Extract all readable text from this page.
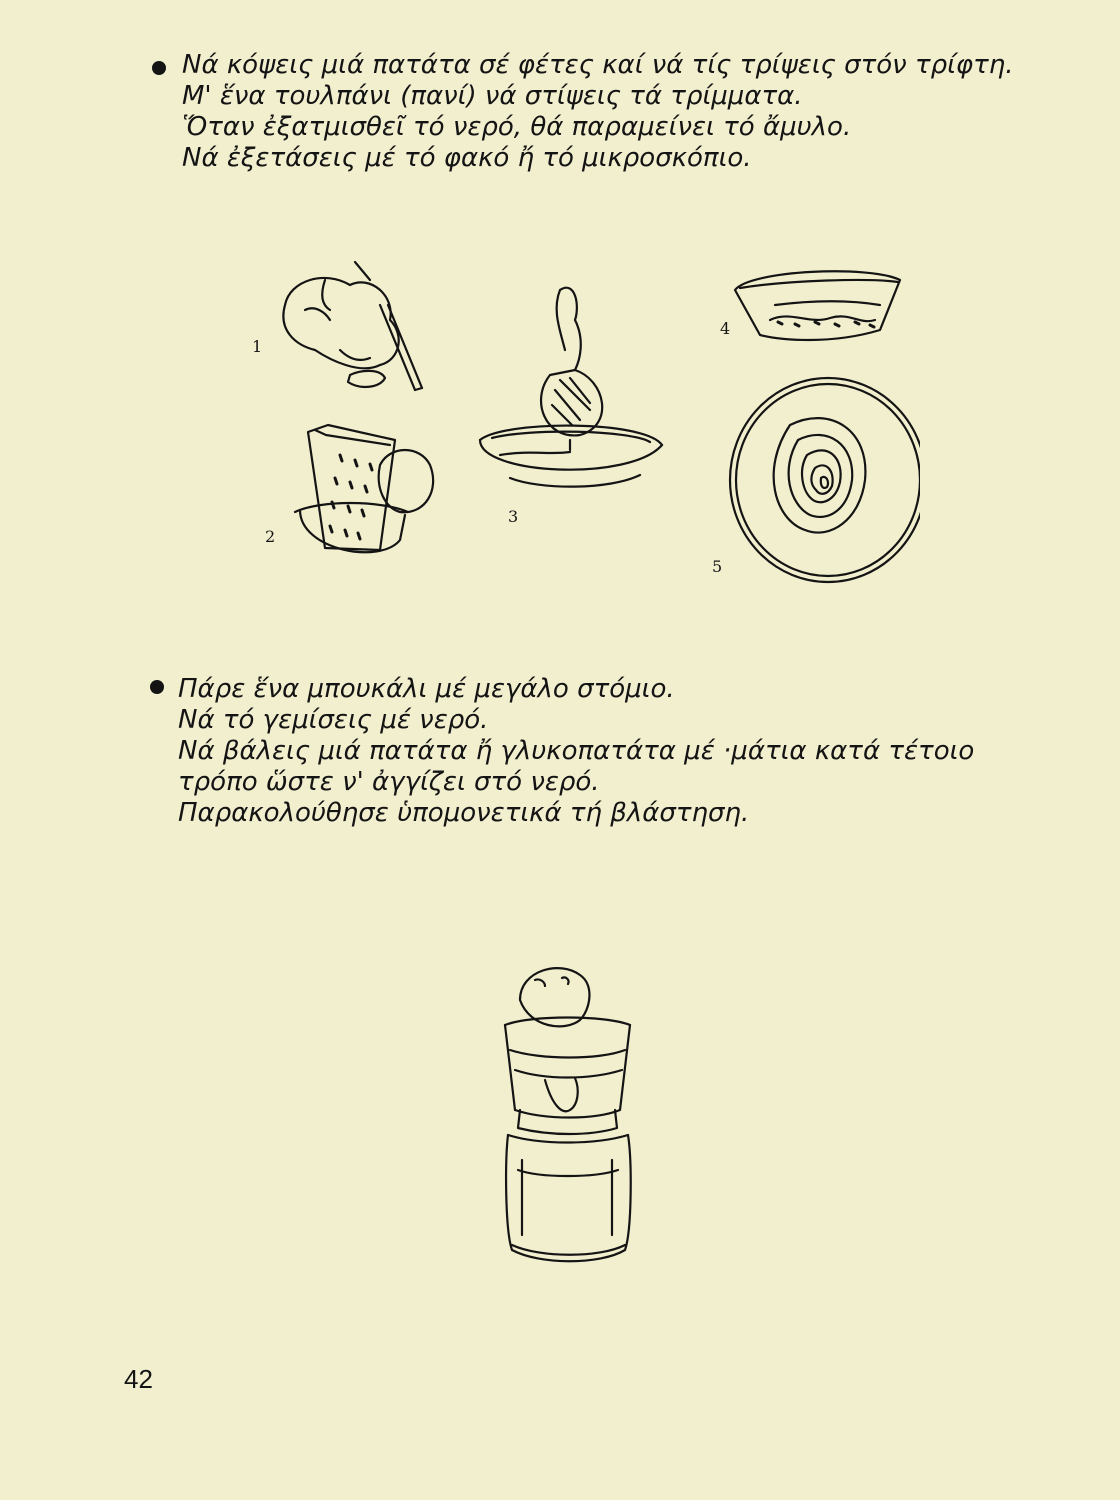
Νά κόψεις μιά πατάτα σέ φέτες καί νά τίς τρίψεις στόν τρίφτη.
Μ' ἕνα τουλπάνι (πανί) νά στίψεις τά τρίμματα.
Ὅταν ἐξατμισθεῖ τό νερό, θά παραμείνει τό ἄμυλο.
Νά ἐξετάσεις μέ τό φακό ἤ τό μικροσκόπιο.
1
2
3
4
5
Πάρε ἕνα μπουκάλι μέ μεγάλο στόμιο.
Νά τό γεμίσεις μέ νερό.
Νά βάλεις μιά πατάτα ἤ γλυκοπατάτα μέ ·μάτια κατά τέτοιο
τρόπο ὥστε ν' ἀγγίζει στό νερό.
Παρακολούθησε ὑπομονετικά τή βλάστηση.
42
